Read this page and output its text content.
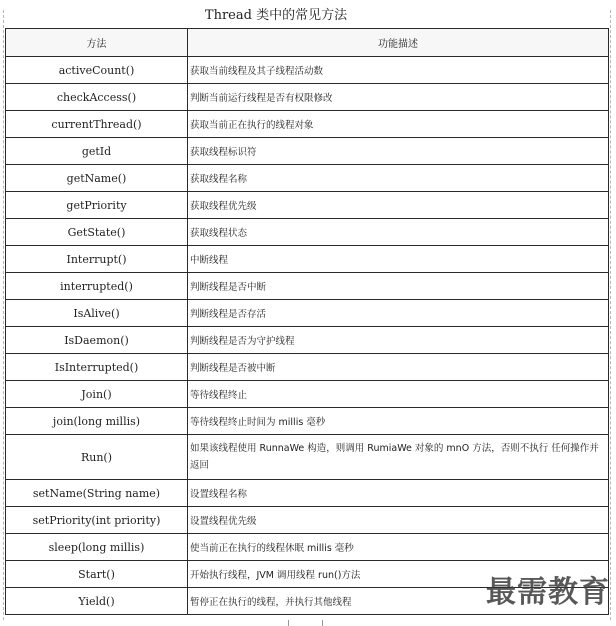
Thread 类中的常见方法
方法	功能描述
activeCount()	获取当前线程及其子线程活动数
checkAccess()	判断当前运行线程是否有权限修改
currentThread()	获取当前正在执行的线程对象
getId	获取线程标识符
getName()	获取线程名称
getPriority	获取线程优先级
GetState()	获取线程状态
Interrupt()	中断线程
interrupted()	判断线程是否中断
IsAlive()	判断线程是否存活
IsDaemon()	判断线程是否为守护线程
IsInterrupted()	判断线程是否被中断
Join()	等待线程终止
join(long millis)	等待线程终止时间为 millis 毫秒
Run()	如果该线程使用 RunnaWe 构造，则调用 RumiaWe 对象的 mnO 方法，否则不执行 任何操作并返回
setName(String name)	设置线程名称
setPriority(int priority)	设置线程优先级
sleep(long millis)	使当前正在执行的线程休眠 millis 毫秒
Start()	开始执行线程，JVM 调用线程 run()方法
Yield()	暂停正在执行的线程，并执行其他线程	最需教育
